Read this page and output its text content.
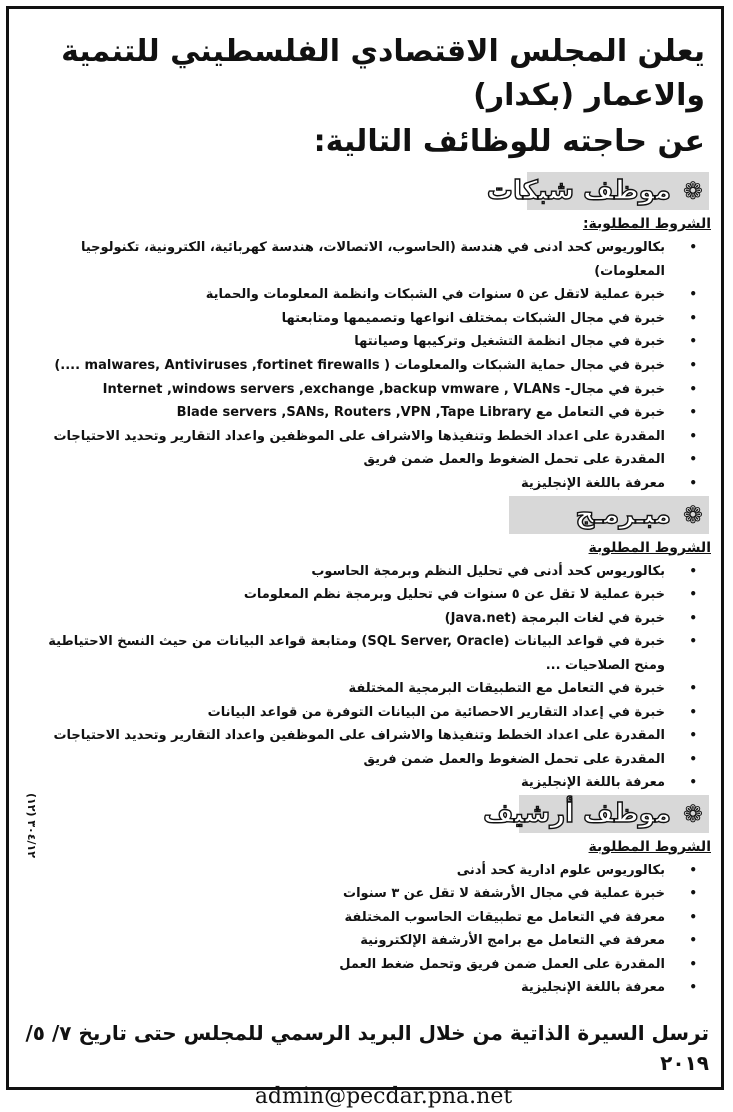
يعلن المجلس الاقتصادي الفلسطيني للتنمية والاعمار (بكدار)
عن حاجته للوظائف التالية:
❁
موظف شبكات
الشروط المطلوبة:
•
بكالوريوس كحد ادنى في هندسة (الحاسوب، الاتصالات، هندسة كهربائية، الكترونية، تكنولوجيا المعلومات)
•
خبرة عملية لاتقل عن ٥ سنوات في الشبكات وانظمة المعلومات والحماية
•
خبرة في مجال الشبكات بمختلف انواعها وتصميمها ومتابعتها
•
خبرة في مجال انظمة التشغيل وتركيبها وصيانتها
•
خبرة في مجال حماية الشبكات والمعلومات ( malwares, Antiviruses ,fortinet firewalls ....)
•
خبرة في مجال- Internet ,windows servers ,exchange ,backup vmware , VLANs
•
خبرة في التعامل مع Blade servers ,SANs, Routers ,VPN ,Tape Library
•
المقدرة على اعداد الخطط وتنفيذها والاشراف على الموظفين واعداد التقارير وتحديد الاحتياجات
•
المقدرة على تحمل الضغوط والعمل ضمن فريق
•
معرفة باللغة الإنجليزية
❁
مبـرمـج
الشروط المطلوبة
•
بكالوريوس كحد أدنى في تحليل النظم وبرمجة الحاسوب
•
خبرة عملية لا تقل عن ٥ سنوات في تحليل وبرمجة نظم المعلومات
•
خبرة في لغات البرمجة (Java.net)
•
خبرة في قواعد البيانات (SQL Server, Oracle) ومتابعة قواعد البيانات من حيث النسخ الاحتياطية ومنح الصلاحيات ...
•
خبرة في التعامل مع التطبيقات البرمجية المختلفة
•
خبرة في إعداد التقارير الاحصائية من البيانات التوفرة من قواعد البيانات
•
المقدرة على اعداد الخطط وتنفيذها والاشراف على الموظفين واعداد التقارير وتحديد الاحتياجات
•
المقدرة على تحمل الضغوط والعمل ضمن فريق
•
معرفة باللغة الإنجليزية
❁
موظف أرشيف
الشروط المطلوبة
•
بكالوريوس علوم ادارية كحد أدنى
•
خبرة عملية في مجال الأرشفة لا تقل عن ٣ سنوات
•
معرفة في التعامل مع تطبيقات الحاسوب المختلفة
•
معرفة في التعامل مع برامج الأرشفة الإلكترونية
•
المقدرة على العمل ضمن فريق وتحمل ضغط العمل
•
معرفة باللغة الإنجليزية
ترسل السيرة الذاتية من خلال البريد الرسمي للمجلس حتى تاريخ ٧/ ٥/ ٢٠١٩
admin@pecdar.pna.net
٣٠٤/١٢ (١٢)
